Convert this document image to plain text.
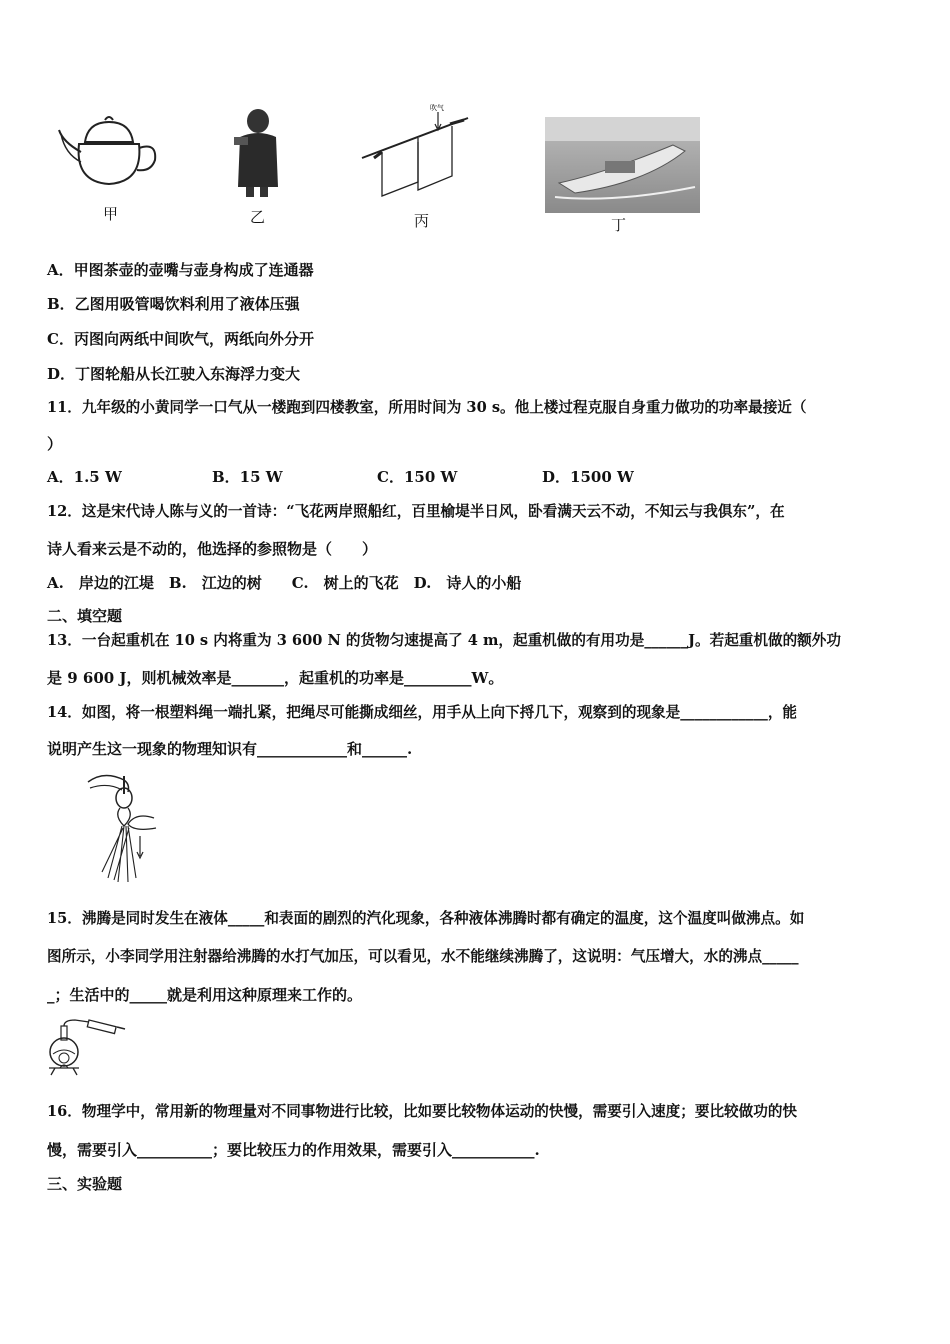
甲	乙
吹气
丙	丁
A．甲图茶壶的壶嘴与壶身构成了连通器
B．乙图用吸管喝饮料利用了液体压强
C．丙图向两纸中间吹气，两纸向外分开
D．丁图轮船从长江驶入东海浮力变大
11．九年级的小黄同学一口气从一楼跑到四楼教室，所用时间为 30 s。他上楼过程克服自身重力做功的功率最接近（
）
A．1.5 W	B．15 W	C．150 W	D．1500 W
12．这是宋代诗人陈与义的一首诗：“飞花两岸照船红，百里榆堤半日风，卧看满天云不动，不知云与我俱东”，在
诗人看来云是不动的，他选择的参照物是（　　）
A.　岸边的江堤　B.　江边的树　　C.　树上的飞花　D.　诗人的小船
二、填空题
13．一台起重机在 10 s 内将重为 3 600 N 的货物匀速提高了 4 m，起重机做的有用功是______J。若起重机做的额外功
是 9 600 J，则机械效率是_______，起重机的功率是_________W。
14．如图，将一根塑料绳一端扎紧，把绳尽可能撕成细丝，用手从上向下捋几下，观察到的现象是____________，能
说明产生这一现象的物理知识有____________和______.
15．沸腾是同时发生在液体_____和表面的剧烈的汽化现象，各种液体沸腾时都有确定的温度，这个温度叫做沸点。如
图所示，小李同学用注射器给沸腾的水打气加压，可以看见，水不能继续沸腾了，这说明：气压增大，水的沸点_____
_；生活中的_____就是利用这种原理来工作的。
16．物理学中，常用新的物理量对不同事物进行比较，比如要比较物体运动的快慢，需要引入速度；要比较做功的快
慢，需要引入__________；要比较压力的作用效果，需要引入___________.
三、实验题
